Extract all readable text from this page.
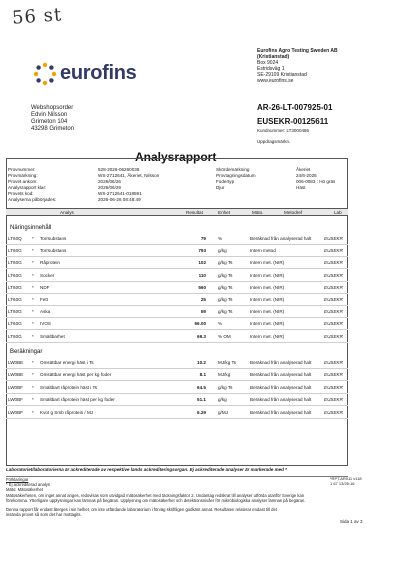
56 st
eurofins
Eurofins Agro Testing Sweden AB
(Kristianstad)
Box 9024
Estridsväg 1
SE-29109 Kristianstad
www.eurofins.se
Webshopsorder
Edvin Nilsson
Grimeton 104
43298 Grimeton
AR-26-LT-007925-01
EUSEKR-00125611
Kundnummer: LT3000486
Uppdragsmärkn.
Analysrapport
Provnummer:	528-2026-06260038
Provmärkning:	WS-2712641, Åkeriet, Nilsson
Provet ankom:	2026/06/26
Analysrapport klar:	2026/06/29
Provets kod:	WS-2712641-018591
Analyserna påbörjades:	2026-06-26 08:48:49
Skördemärkning	Åkeriet
Provtagningsdatum	24/6-2026
Fodertyp	006-0083 : Hö gräs
Djur	Häst
Analys	Resultat	Enhet	Mäto.	Metodref	Lab
Näringsinnehåll
LT60Q * Torrsubstans	79	%	Beräknad från analyserad halt	EUSEKR
LT60G * Torrsubstans	793	g/kg	Intern metod	EUSEKR
LT60G * Råprotein	102	g/kg Ts	Intern met. (NIR)	EUSEKR
LT60G * Socker	110	g/kg Ts	Intern met. (NIR)	EUSEKR
LT60G * NDF	560	g/kg Ts	Intern met. (NIR)	EUSEKR
LT60G * Fett	25	g/kg Ts	Intern met. (NIR)	EUSEKR
LT60G * Aska	59	g/kg Ts	Intern met. (NIR)	EUSEKR
LT60G * IVOS	66.00	%	Intern met. (NIR)	EUSEKR
LT60G * Smältbarhet	69.3	% OM	Intern met. (NIR)	EUSEKR
Beräkningar
LW0BE * Omsättbar energi häst i Ts	10.2	MJ/kg Ts	Beräknad från analyserad halt	EUSEKR
LW0BE * Omsättbar energi häst per kg foder	8.1	MJ/kg	Beräknad från analyserad halt	EUSEKR
LW0BF * Smältbart råprotein häst i Ts	64.5	g/kg Ts	Beräknad från analyserad halt	EUSEKR
LW0BF * Smältbart råprotein häst per kg foder	51.1	g/kg	Beräknad från analyserad halt	EUSEKR
LW0BF * Kvot g Smb råprotein / MJ	6.29	g/MJ	Beräknad från analyserad halt	EUSEKR
Laboratoriet/laboratorierna är ackrediterade av respektive lands ackrediteringsorgan. Ej ackrediterade analyser är markerade med *
*RPT.AR011 v118
1 67 13/25:16
Förklaringar
* Ej ackrediterad analys
Mäto: Mätosäkerhet
Mätosäkerheten, om inget annat anges, redovisas som utvidgad mätosäkerhet med täckningsfaktor 2. Undantag redskrat till analyser utförda utanför Sverige kan
förekomma. Ytterligare upplysningar kan lämnas på begäran. Upplysning om mätosäkerhet och detektionsnivåer för mikrobiologiska analyser lämnas på begäran.
Denna rapport får endast återges i sin helhet, om inte utfärdande laboratorium i förväg skriftligen godkänt annat. Resultaten relaterar endast till det
insända provet så som det har mottagits.
Sida 1 av 3
